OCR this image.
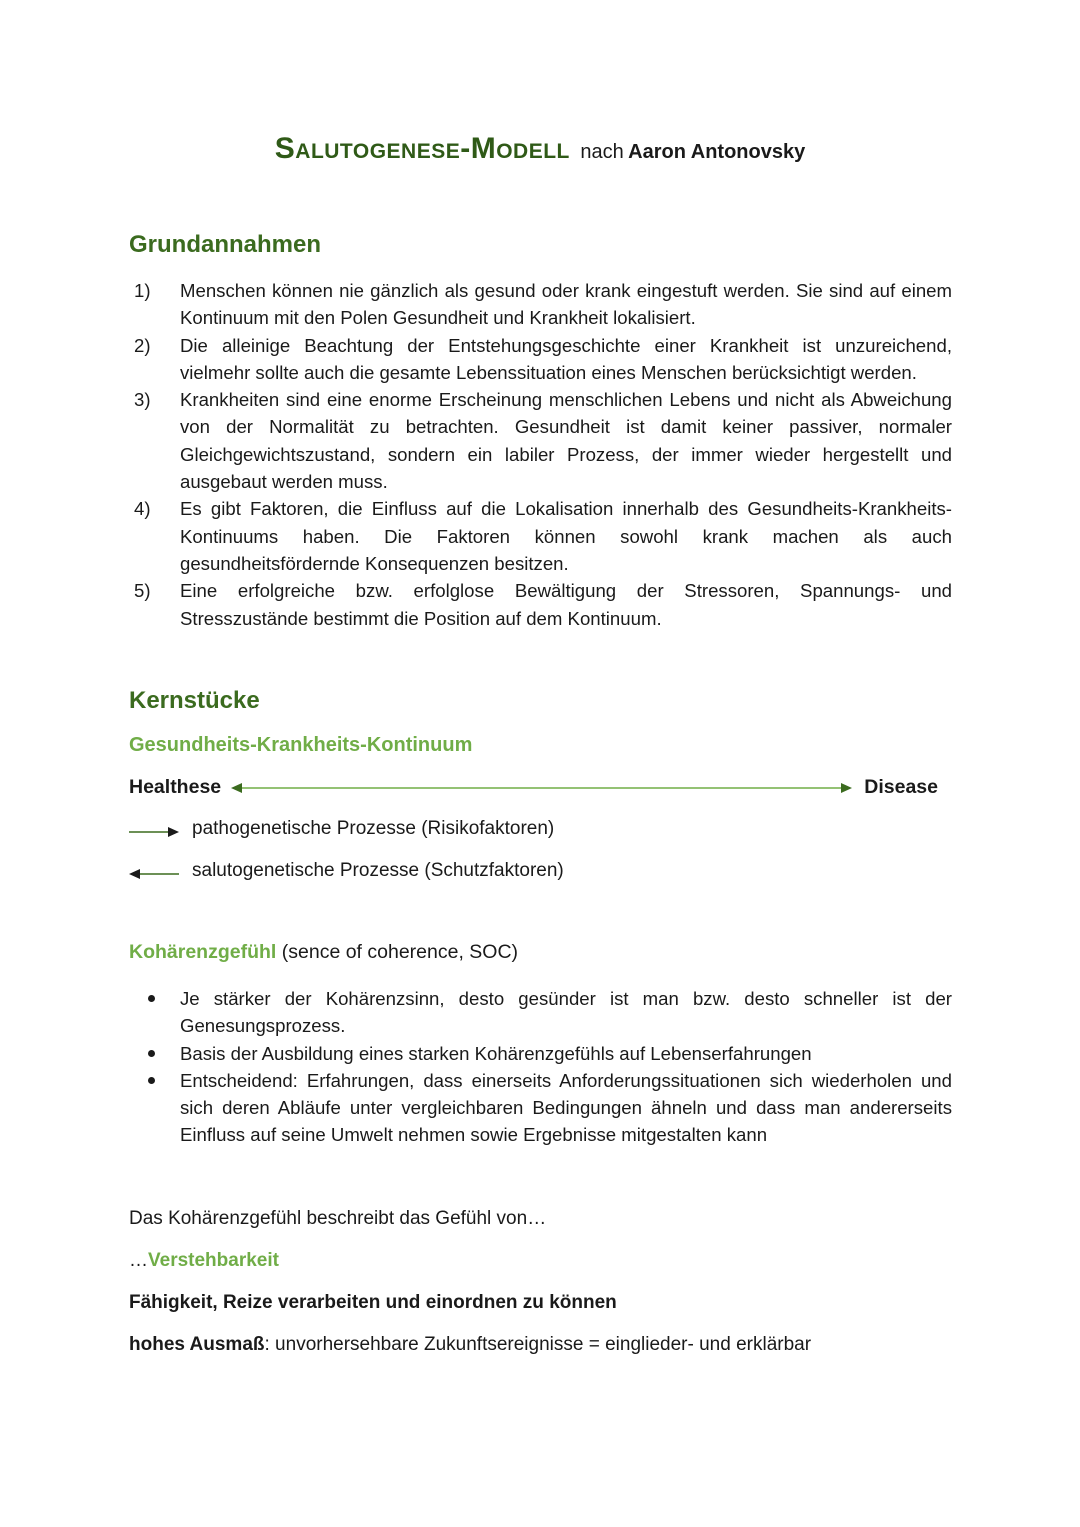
Salutogenese-Modell nach Aaron Antonovsky
Grundannahmen
1) Menschen können nie gänzlich als gesund oder krank eingestuft werden. Sie sind auf einem Kontinuum mit den Polen Gesundheit und Krankheit lokalisiert.
2) Die alleinige Beachtung der Entstehungsgeschichte einer Krankheit ist unzureichend, vielmehr sollte auch die gesamte Lebenssituation eines Menschen berücksichtigt werden.
3) Krankheiten sind eine enorme Erscheinung menschlichen Lebens und nicht als Abweichung von der Normalität zu betrachten. Gesundheit ist damit keiner passiver, normaler Gleichgewichtszustand, sondern ein labiler Prozess, der immer wieder hergestellt und ausgebaut werden muss.
4) Es gibt Faktoren, die Einfluss auf die Lokalisation innerhalb des Gesundheits-Krankheits-Kontinuums haben. Die Faktoren können sowohl krank machen als auch gesundheitsfördernde Konsequenzen besitzen.
5) Eine erfolgreiche bzw. erfolglose Bewältigung der Stressoren, Spannungs- und Stresszustände bestimmt die Position auf dem Kontinuum.
Kernstücke
Gesundheits-Krankheits-Kontinuum
Healthese	Disease
pathogenetische Prozesse (Risikofaktoren)
salutogenetische Prozesse (Schutzfaktoren)
Kohärenzgefühl (sence of coherence, SOC)
Je stärker der Kohärenzsinn, desto gesünder ist man bzw. desto schneller ist der Genesungsprozess.
Basis der Ausbildung eines starken Kohärenzgefühls auf Lebenserfahrungen
Entscheidend: Erfahrungen, dass einerseits Anforderungssituationen sich wiederholen und sich deren Abläufe unter vergleichbaren Bedingungen ähneln und dass man andererseits Einfluss auf seine Umwelt nehmen sowie Ergebnisse mitgestalten kann
Das Kohärenzgefühl beschreibt das Gefühl von…
…Verstehbarkeit
Fähigkeit, Reize verarbeiten und einordnen zu können
hohes Ausmaß: unvorhersehbare Zukunftsereignisse = einglieder- und erklärbar
